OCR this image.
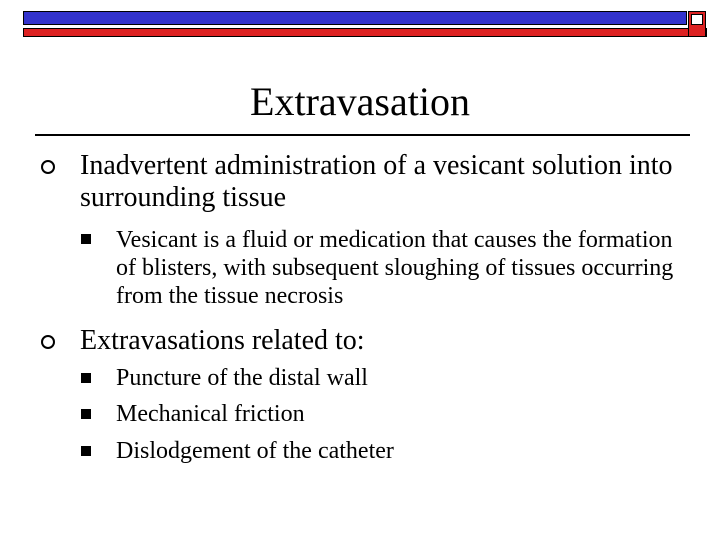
Extravasation
Inadvertent administration of a vesicant solution into surrounding tissue
Vesicant is a fluid or medication that causes the formation of blisters, with subsequent sloughing of tissues occurring from the tissue necrosis
Extravasations related to:
Puncture of the distal wall
Mechanical friction
Dislodgement of the catheter
